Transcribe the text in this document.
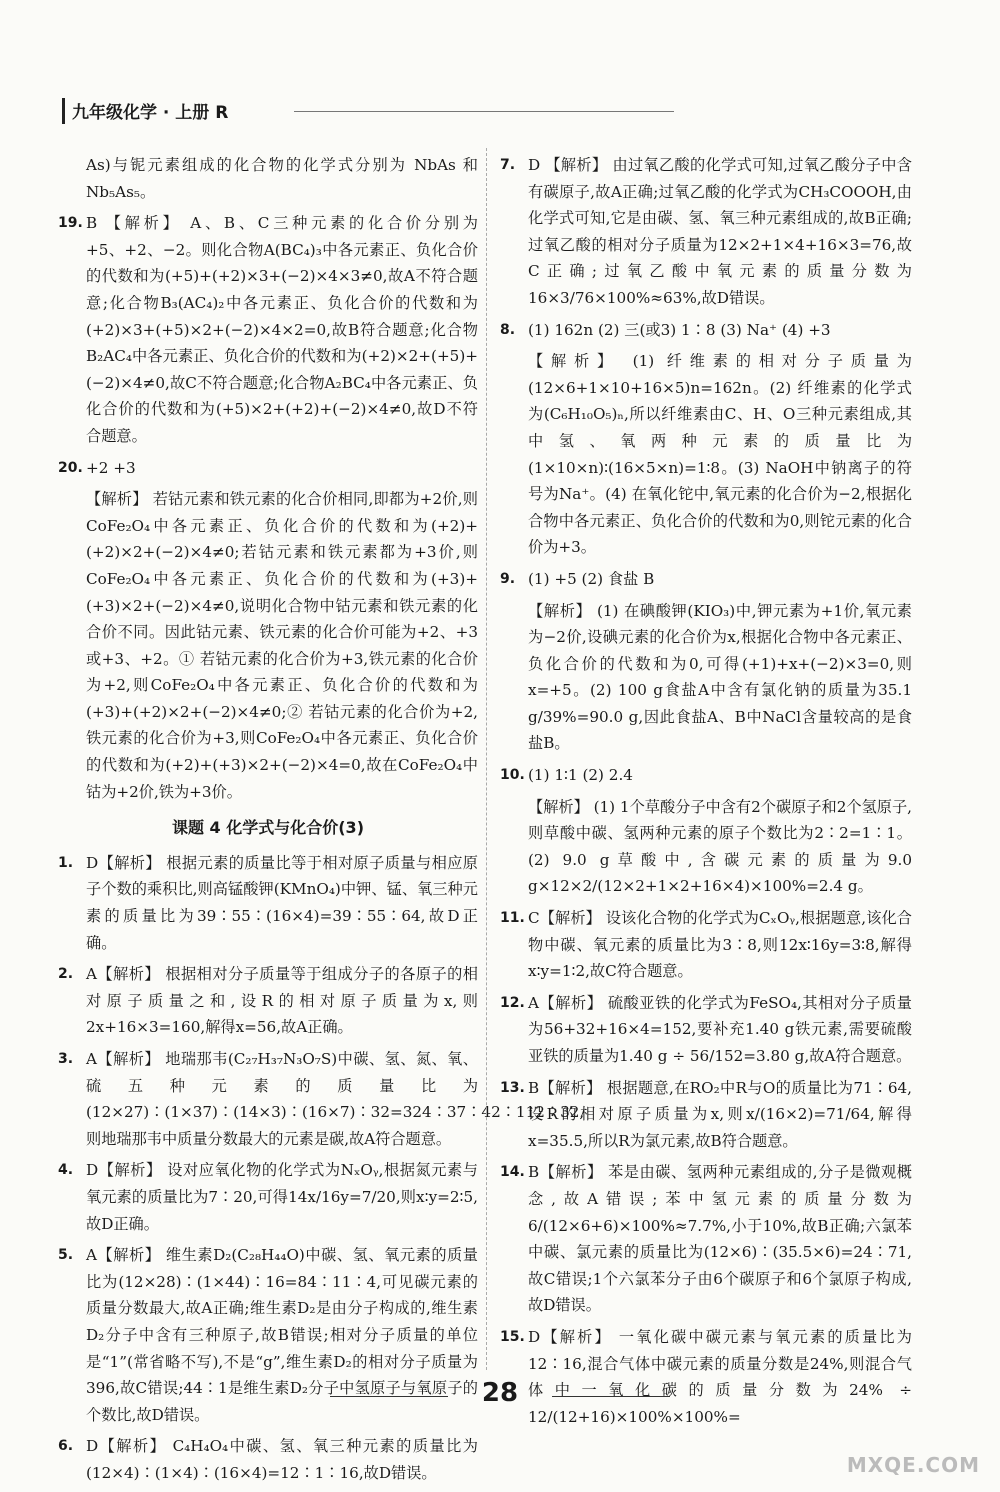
九年级化学 · 上册 R
As)与铌元素组成的化合物的化学式分别为 NbAs 和 Nb₅As₅。
19. B 【解析】 A、B、C三种元素的化合价分别为+5、+2、−2。则化合物A(BC₄)₃中各元素正、负化合价的代数和为(+5)+(+2)×3+(−2)×4×3≠0,故A不符合题意;化合物B₃(AC₄)₂中各元素正、负化合价的代数和为(+2)×3+(+5)×2+(−2)×4×2=0,故B符合题意;化合物B₂AC₄中各元素正、负化合价的代数和为(+2)×2+(+5)+(−2)×4≠0,故C不符合题意;化合物A₂BC₄中各元素正、负化合价的代数和为(+5)×2+(+2)+(−2)×4≠0,故D不符合题意。
20. +2 +3
【解析】 若钴元素和铁元素的化合价相同,即都为+2价,则CoFe₂O₄中各元素正、负化合价的代数和为(+2)+(+2)×2+(−2)×4≠0;若钴元素和铁元素都为+3价,则CoFe₂O₄中各元素正、负化合价的代数和为(+3)+(+3)×2+(−2)×4≠0,说明化合物中钴元素和铁元素的化合价不同。因此钴元素、铁元素的化合价可能为+2、+3或+3、+2。① 若钴元素的化合价为+3,铁元素的化合价为+2,则CoFe₂O₄中各元素正、负化合价的代数和为(+3)+(+2)×2+(−2)×4≠0;② 若钴元素的化合价为+2,铁元素的化合价为+3,则CoFe₂O₄中各元素正、负化合价的代数和为(+2)+(+3)×2+(−2)×4=0,故在CoFe₂O₄中钴为+2价,铁为+3价。
课题 4 化学式与化合价(3)
1. D【解析】 根据元素的质量比等于相对原子质量与相应原子个数的乘积比,则高锰酸钾(KMnO₄)中钾、锰、氧三种元素的质量比为39∶55∶(16×4)=39∶55∶64,故D正确。
2. A【解析】 根据相对分子质量等于组成分子的各原子的相对原子质量之和,设R的相对原子质量为x,则2x+16×3=160,解得x=56,故A正确。
3. A【解析】 地瑞那韦(C₂₇H₃₇N₃O₇S)中碳、氢、氮、氧、硫五种元素的质量比为(12×27)∶(1×37)∶(14×3)∶(16×7)∶32=324∶37∶42∶112∶32,则地瑞那韦中质量分数最大的元素是碳,故A符合题意。
4. D【解析】 设对应氧化物的化学式为NₓOᵧ,根据氮元素与氧元素的质量比为7∶20,可得14x/16y=7/20,则x∶y=2∶5,故D正确。
5. A【解析】 维生素D₂(C₂₈H₄₄O)中碳、氢、氧元素的质量比为(12×28)∶(1×44)∶16=84∶11∶4,可见碳元素的质量分数最大,故A正确;维生素D₂是由分子构成的,维生素D₂分子中含有三种原子,故B错误;相对分子质量的单位是“1”(常省略不写),不是“g”,维生素D₂的相对分子质量为396,故C错误;44∶1是维生素D₂分子中氢原子与氧原子的个数比,故D错误。
6. D【解析】 C₄H₄O₄中碳、氢、氧三种元素的质量比为(12×4)∶(1×4)∶(16×4)=12∶1∶16,故D错误。
7. D 【解析】 由过氧乙酸的化学式可知,过氧乙酸分子中含有碳原子,故A正确;过氧乙酸的化学式为CH₃COOOH,由化学式可知,它是由碳、氢、氧三种元素组成的,故B正确;过氧乙酸的相对分子质量为12×2+1×4+16×3=76,故C正确;过氧乙酸中氧元素的质量分数为16×3/76×100%≈63%,故D错误。
8. (1) 162n (2) 三(或3) 1∶8 (3) Na⁺ (4) +3
【解析】 (1) 纤维素的相对分子质量为(12×6+1×10+16×5)n=162n。(2) 纤维素的化学式为(C₆H₁₀O₅)ₙ,所以纤维素由C、H、O三种元素组成,其中氢、氧两种元素的质量比为(1×10×n)∶(16×5×n)=1∶8。(3) NaOH中钠离子的符号为Na⁺。(4) 在氧化铊中,氧元素的化合价为−2,根据化合物中各元素正、负化合价的代数和为0,则铊元素的化合价为+3。
9. (1) +5 (2) 食盐 B
【解析】 (1) 在碘酸钾(KIO₃)中,钾元素为+1价,氧元素为−2价,设碘元素的化合价为x,根据化合物中各元素正、负化合价的代数和为0,可得(+1)+x+(−2)×3=0,则x=+5。(2) 100 g食盐A中含有氯化钠的质量为35.1 g/39%=90.0 g,因此食盐A、B中NaCl含量较高的是食盐B。
10. (1) 1∶1 (2) 2.4
【解析】 (1) 1个草酸分子中含有2个碳原子和2个氢原子,则草酸中碳、氢两种元素的原子个数比为2∶2=1∶1。(2) 9.0 g草酸中,含碳元素的质量为9.0 g×12×2/(12×2+1×2+16×4)×100%=2.4 g。
11. C【解析】 设该化合物的化学式为CₓOᵧ,根据题意,该化合物中碳、氧元素的质量比为3∶8,则12x∶16y=3∶8,解得x∶y=1∶2,故C符合题意。
12. A【解析】 硫酸亚铁的化学式为FeSO₄,其相对分子质量为56+32+16×4=152,要补充1.40 g铁元素,需要硫酸亚铁的质量为1.40 g ÷ 56/152=3.80 g,故A符合题意。
13. B【解析】 根据题意,在RO₂中R与O的质量比为71∶64,设R的相对原子质量为x,则x/(16×2)=71/64,解得x=35.5,所以R为氯元素,故B符合题意。
14. B【解析】 苯是由碳、氢两种元素组成的,分子是微观概念,故A错误;苯中氢元素的质量分数为6/(12×6+6)×100%≈7.7%,小于10%,故B正确;六氯苯中碳、氯元素的质量比为(12×6)∶(35.5×6)=24∶71,故C错误;1个六氯苯分子由6个碳原子和6个氯原子构成,故D错误。
15. D【解析】 一氧化碳中碳元素与氧元素的质量比为12∶16,混合气体中碳元素的质量分数是24%,则混合气体中一氧化碳的质量分数为24% ÷ 12/(12+16)×100%×100%=
28
MXQE.COM
